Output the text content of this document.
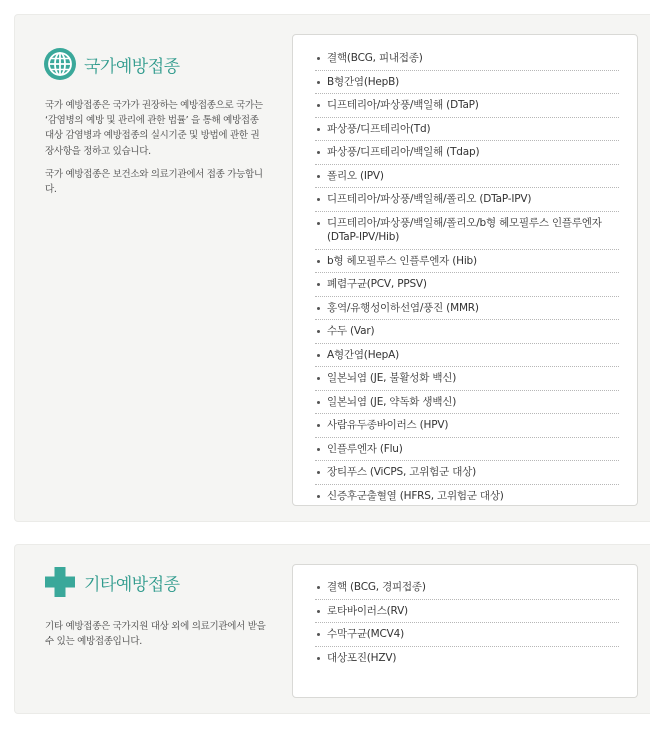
국가예방접종
국가 예방접종은 국가가 권장하는 예방접종으로 국가는 ‘감염병의 예방 및 관리에 관한 법률’ 을 통해 예방접종 대상 감염병과 예방접종의 실시기준 및 방법에 관한 권장사항을 정하고 있습니다.
국가 예방접종은 보건소와 의료기관에서 접종 가능합니다.
결핵(BCG, 피내접종)
B형간염(HepB)
디프테리아/파상풍/백일해 (DTaP)
파상풍/디프테리아(Td)
파상풍/디프테리아/백일해 (Tdap)
폴리오 (IPV)
디프테리아/파상풍/백일해/폴리오 (DTaP-IPV)
디프테리아/파상풍/백일해/폴리오/b형 헤모필루스 인플루엔자(DTaP-IPV/Hib)
b형 헤모필루스 인플루엔자 (Hib)
폐렴구균(PCV, PPSV)
홍역/유행성이하선염/풍진 (MMR)
수두 (Var)
A형간염(HepA)
일본뇌염 (JE, 불활성화 백신)
일본뇌염 (JE, 약독화 생백신)
사람유두종바이러스 (HPV)
인플루엔자 (Flu)
장티푸스 (ViCPS, 고위험군 대상)
신증후군출혈열 (HFRS, 고위험군 대상)
기타예방접종
기타 예방접종은 국가지원 대상 외에 의료기관에서 받을 수 있는 예방접종입니다.
결핵 (BCG, 경피접종)
로타바이러스(RV)
수막구균(MCV4)
대상포진(HZV)
